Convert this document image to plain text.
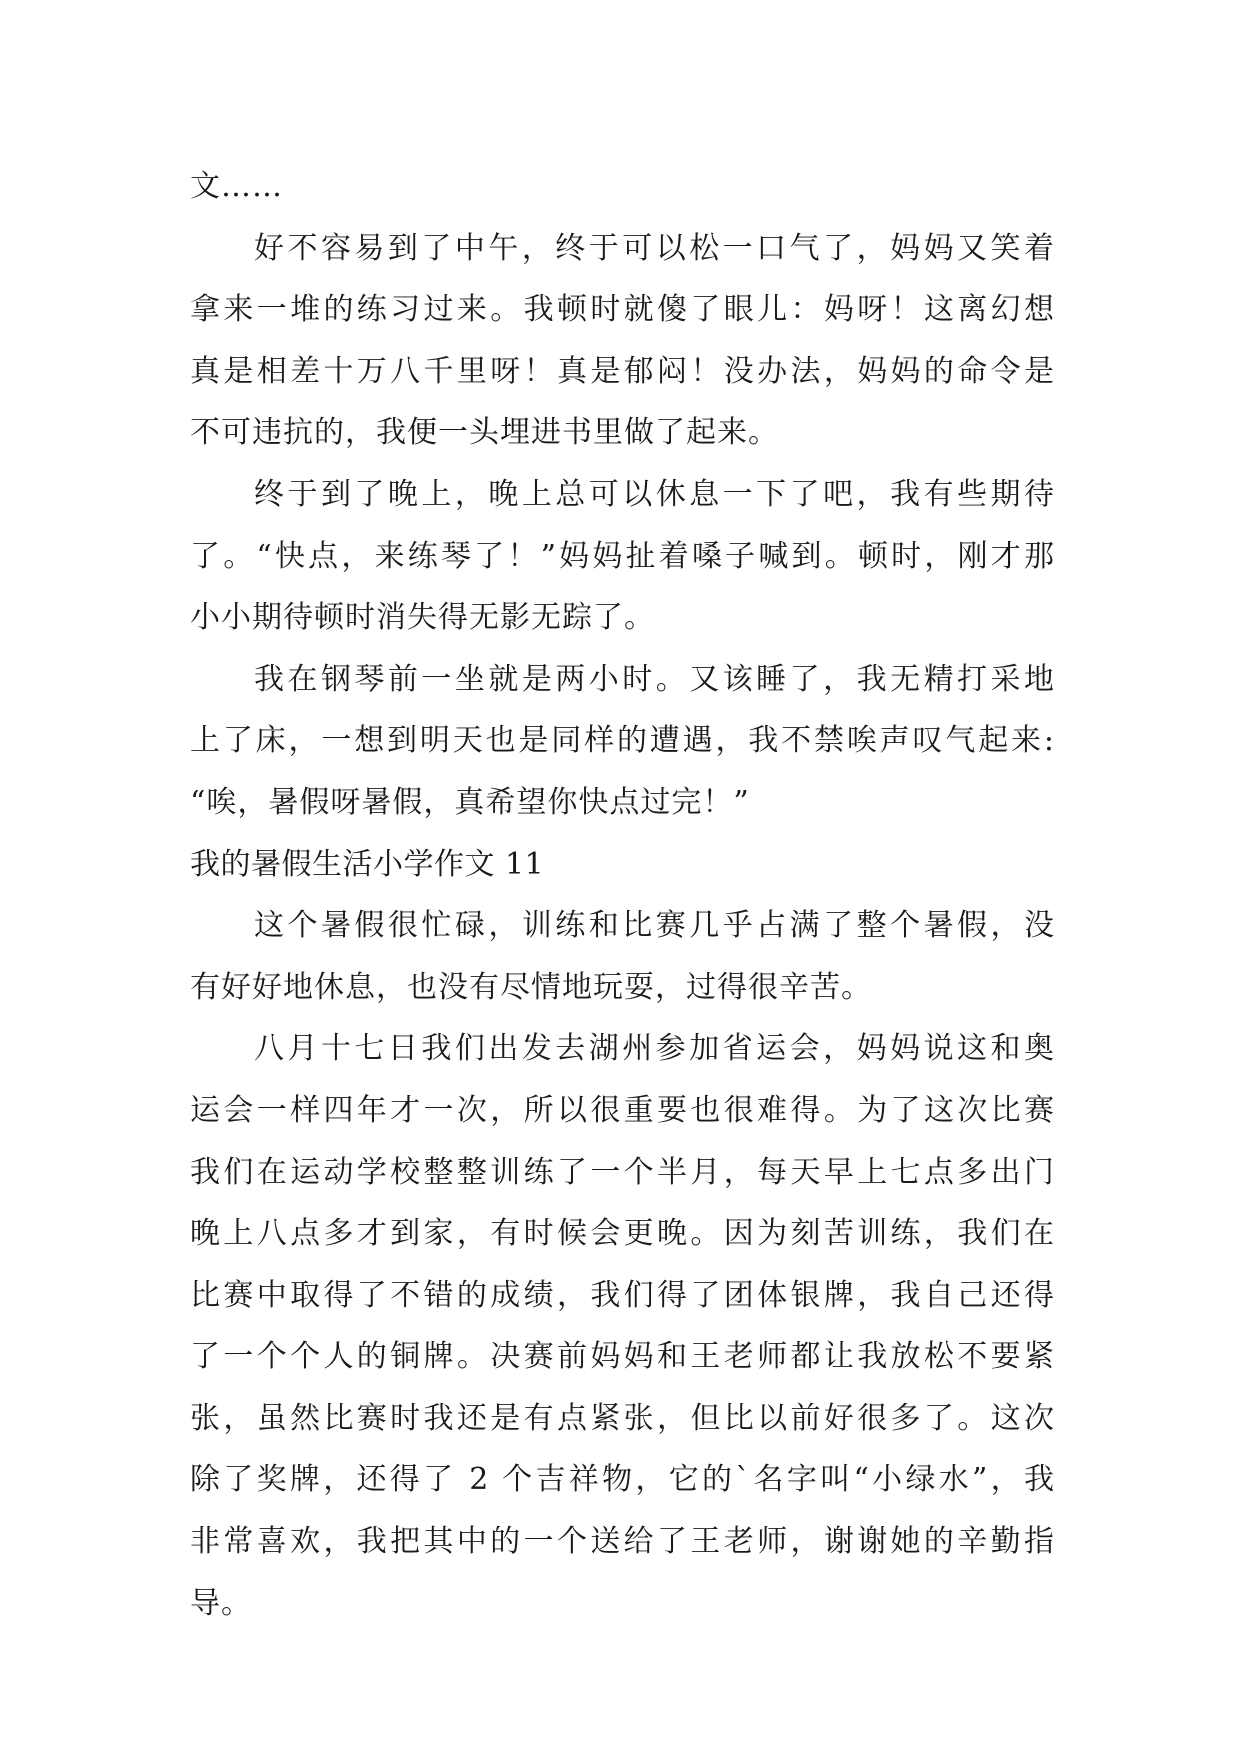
文……
好不容易到了中午，终于可以松一口气了，妈妈又笑着
拿来一堆的练习过来。我顿时就傻了眼儿：妈呀！这离幻想
真是相差十万八千里呀！真是郁闷！没办法，妈妈的命令是
不可违抗的，我便一头埋进书里做了起来。
终于到了晚上，晚上总可以休息一下了吧，我有些期待
了。“快点，来练琴了！”妈妈扯着嗓子喊到。顿时，刚才那
小小期待顿时消失得无影无踪了。
我在钢琴前一坐就是两小时。又该睡了，我无精打采地
上了床，一想到明天也是同样的遭遇，我不禁唉声叹气起来:
“唉，暑假呀暑假，真希望你快点过完！”
我的暑假生活小学作文 11
这个暑假很忙碌，训练和比赛几乎占满了整个暑假，没
有好好地休息，也没有尽情地玩耍，过得很辛苦。
八月十七日我们出发去湖州参加省运会，妈妈说这和奥
运会一样四年才一次，所以很重要也很难得。为了这次比赛
我们在运动学校整整训练了一个半月，每天早上七点多出门
晚上八点多才到家，有时候会更晚。因为刻苦训练，我们在
比赛中取得了不错的成绩，我们得了团体银牌，我自己还得
了一个个人的铜牌。决赛前妈妈和王老师都让我放松不要紧
张，虽然比赛时我还是有点紧张，但比以前好很多了。这次
除了奖牌，还得了 2 个吉祥物，它的`名字叫“小绿水”，我
非常喜欢，我把其中的一个送给了王老师，谢谢她的辛勤指
导。
